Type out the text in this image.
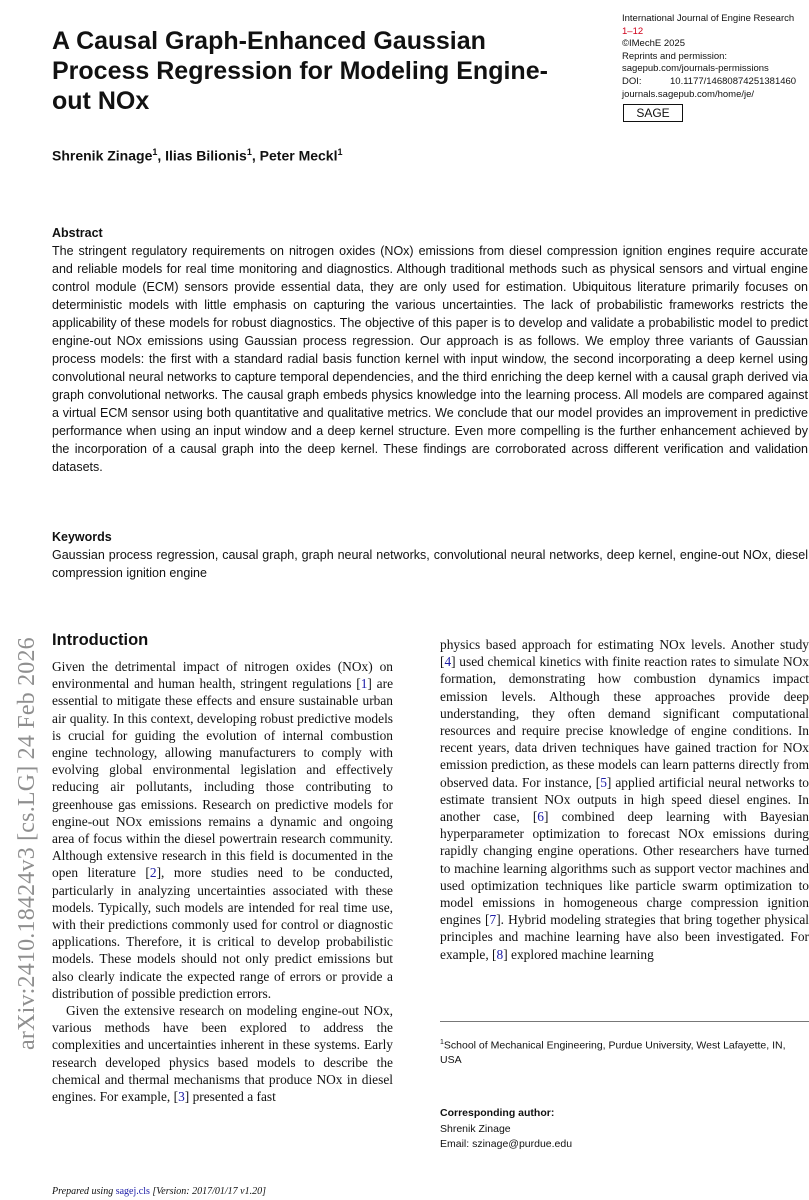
arXiv:2410.18424v3 [cs.LG] 24 Feb 2026
A Causal Graph-Enhanced Gaussian Process Regression for Modeling Engine-out NOx
International Journal of Engine Research
1–12
©IMechE 2025
Reprints and permission:
sagepub.com/journals-permissions
DOI:	10.1177/14680874251381460
journals.sagepub.com/home/je/
SAGE
Shrenik Zinage$^1$, Ilias Bilionis$^1$, Peter Meckl$^1$
Abstract

The stringent regulatory requirements on nitrogen oxides (NOx) emissions from diesel compression ignition engines require accurate and reliable models for real time monitoring and diagnostics. Although traditional methods such as physical sensors and virtual engine control module (ECM) sensors provide essential data, they are only used for estimation. Ubiquitous literature primarily focuses on deterministic models with little emphasis on capturing the various uncertainties. The lack of probabilistic frameworks restricts the applicability of these models for robust diagnostics. The objective of this paper is to develop and validate a probabilistic model to predict engine-out NOx emissions using Gaussian process regression. Our approach is as follows. We employ three variants of Gaussian process models: the first with a standard radial basis function kernel with input window, the second incorporating a deep kernel using convolutional neural networks to capture temporal dependencies, and the third enriching the deep kernel with a causal graph derived via graph convolutional networks. The causal graph embeds physics knowledge into the learning process. All models are compared against a virtual ECM sensor using both quantitative and qualitative metrics. We conclude that our model provides an improvement in predictive performance when using an input window and a deep kernel structure. Even more compelling is the further enhancement achieved by the incorporation of a causal graph into the deep kernel. These findings are corroborated across different verification and validation datasets.

Keywords

Gaussian process regression, causal graph, graph neural networks, convolutional neural networks, deep kernel, engine-out NOx, diesel compression ignition engine

Introduction

Given the detrimental impact of nitrogen oxides (NOx) on environmental and human health, stringent regulations [1] are essential to mitigate these effects and ensure sustainable urban air quality. In this context, developing robust predictive models is crucial for guiding the evolution of internal combustion engine technology, allowing manufacturers to comply with evolving global environmental legislation and effectively reducing air pollutants, including those contributing to greenhouse gas emissions. Research on predictive models for engine-out NOx emissions remains a dynamic and ongoing area of focus within the diesel powertrain research community. Although extensive research in this field is documented in the open literature [2], more studies need to be conducted, particularly in analyzing uncertainties associated with these models. Typically, such models are intended for real time use, with their predictions commonly used for control or diagnostic applications. Therefore, it is critical to develop probabilistic models. These models should not only predict emissions but also clearly indicate the expected range of errors or provide a distribution of possible prediction errors.

Given the extensive research on modeling engine-out NOx, various methods have been explored to address the complexities and uncertainties inherent in these systems. Early research developed physics based models to describe the chemical and thermal mechanisms that produce NOx in diesel engines. For example, [3] presented a fast

physics based approach for estimating NOx levels. Another study [4] used chemical kinetics with finite reaction rates to simulate NOx formation, demonstrating how combustion dynamics impact emission levels. Although these approaches provide deep understanding, they often demand significant computational resources and require precise knowledge of engine conditions. In recent years, data driven techniques have gained traction for NOx emission prediction, as these models can learn patterns directly from observed data. For instance, [5] applied artificial neural networks to estimate transient NOx outputs in high speed diesel engines. In another case, [6] combined deep learning with Bayesian hyperparameter optimization to forecast NOx emissions during rapidly changing engine operations. Other researchers have turned to machine learning algorithms such as support vector machines and used optimization techniques like particle swarm optimization to model emissions in homogeneous charge compression ignition engines [7]. Hybrid modeling strategies that bring together physical principles and machine learning have also been investigated. For example, [8] explored machine learning

$^1$School of Mechanical Engineering, Purdue University, West Lafayette, IN, USA
Corresponding author:
Shrenik Zinage
Email: szinage@purdue.edu
Prepared using sagej.cls [Version: 2017/01/17 v1.20]
